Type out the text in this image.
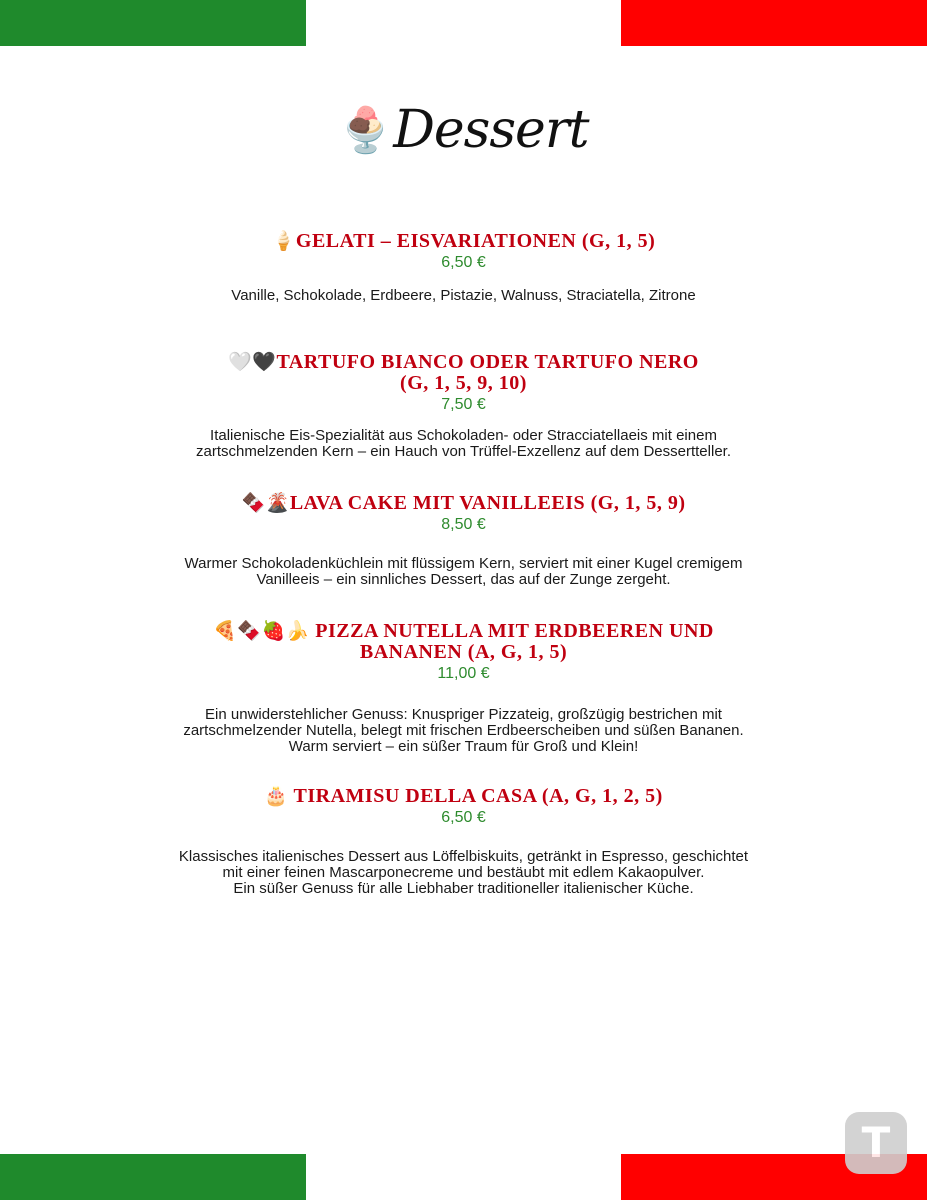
🍨Dessert
🍦GELATI – EISVARIATIONEN (G, 1, 5)
6,50 €
Vanille, Schokolade, Erdbeere, Pistazie, Walnuss, Straciatella, Zitrone
🤍🖤TARTUFO BIANCO ODER TARTUFO NERO
(G, 1, 5, 9, 10)
7,50 €
Italienische Eis-Spezialität aus Schokoladen- oder Stracciatellaeis mit einem
zartschmelzenden Kern – ein Hauch von Trüffel-Exzellenz auf dem Dessertteller.
🍫🌋LAVA CAKE MIT VANILLEEIS (G, 1, 5, 9)
8,50 €
Warmer Schokoladenküchlein mit flüssigem Kern, serviert mit einer Kugel cremigem
Vanilleeis – ein sinnliches Dessert, das auf der Zunge zergeht.
🍕🍫🍓🍌 PIZZA NUTELLA MIT ERDBEEREN UND
BANANEN (A, G, 1, 5)
11,00 €
Ein unwiderstehlicher Genuss: Knuspriger Pizzateig, großzügig bestrichen mit
zartschmelzender Nutella, belegt mit frischen Erdbeerscheiben und süßen Bananen.
Warm serviert – ein süßer Traum für Groß und Klein!
🎂 TIRAMISU DELLA CASA (A, G, 1, 2, 5)
6,50 €
Klassisches italienisches Dessert aus Löffelbiskuits, getränkt in Espresso, geschichtet
mit einer feinen Mascarponecreme und bestäubt mit edlem Kakaopulver.
Ein süßer Genuss für alle Liebhaber traditioneller italienischer Küche.
T
